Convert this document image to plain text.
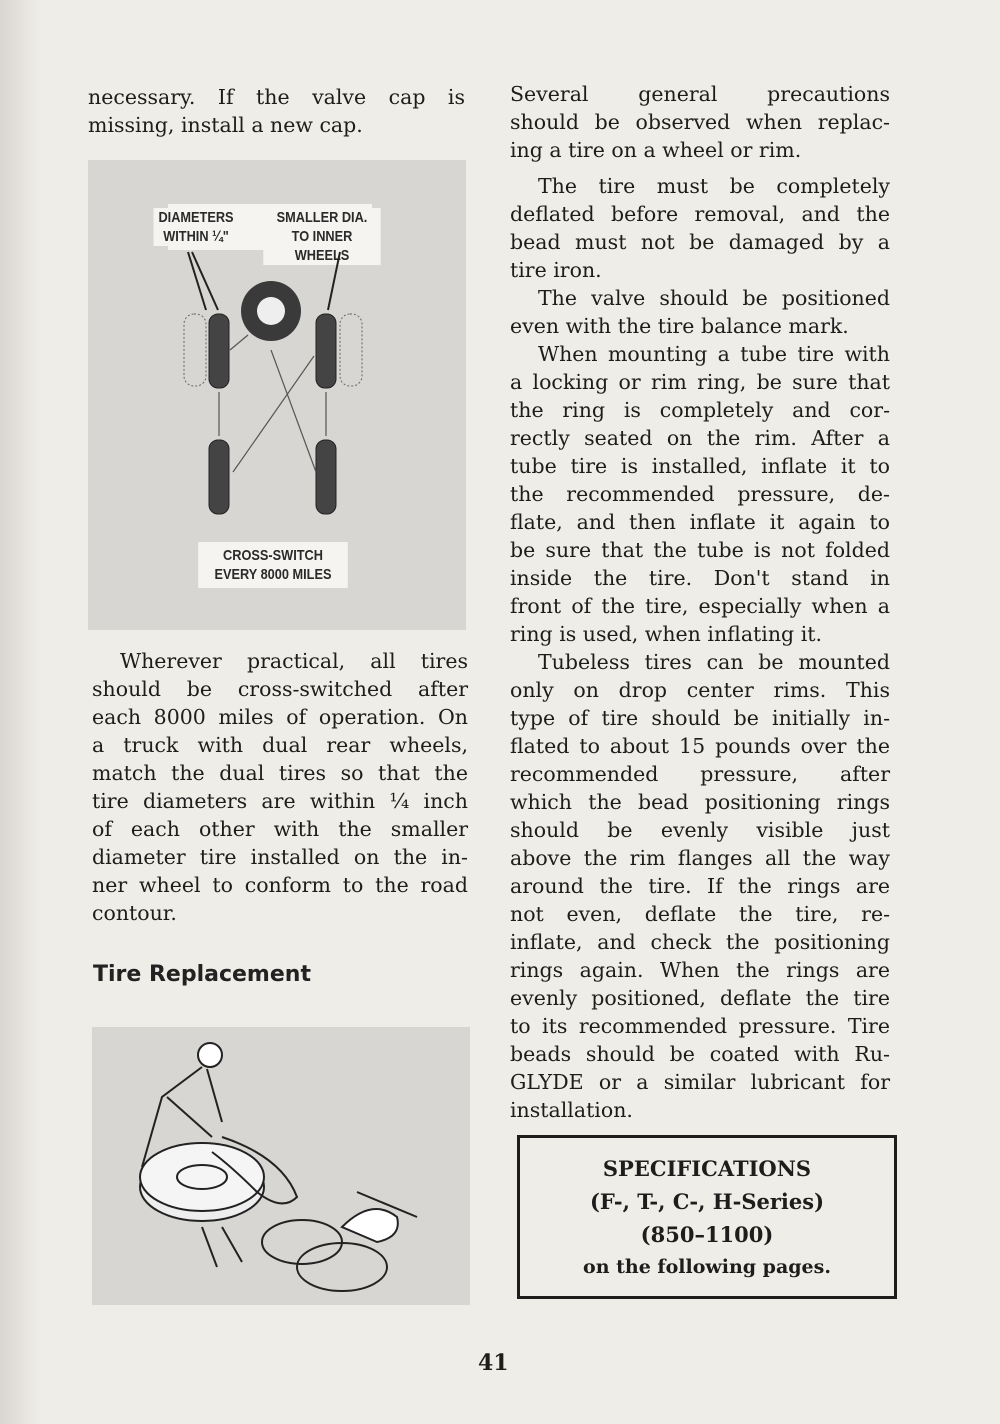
necessary. If the valve cap is
missing, install a new cap.
DIAMETERS
WITHIN ¼"
SMALLER DIA.
TO INNER WHEELS
CROSS-SWITCH
EVERY 8000 MILES
Wherever practical, all tires
should be cross-switched after
each 8000 miles of operation. On
a truck with dual rear wheels,
match the dual tires so that the
tire diameters are within ¼ inch
of each other with the smaller
diameter tire installed on the in-
ner wheel to conform to the road
contour.
Tire Replacement
Several general precautions
should be observed when replac-
ing a tire on a wheel or rim.
The tire must be completely
deflated before removal, and the
bead must not be damaged by a
tire iron.
The valve should be positioned
even with the tire balance mark.
When mounting a tube tire with
a locking or rim ring, be sure that
the ring is completely and cor-
rectly seated on the rim. After a
tube tire is installed, inflate it to
the recommended pressure, de-
flate, and then inflate it again to
be sure that the tube is not folded
inside the tire. Don't stand in
front of the tire, especially when a
ring is used, when inflating it.
Tubeless tires can be mounted
only on drop center rims. This
type of tire should be initially in-
flated to about 15 pounds over the
recommended pressure, after
which the bead positioning rings
should be evenly visible just
above the rim flanges all the way
around the tire. If the rings are
not even, deflate the tire, re-
inflate, and check the positioning
rings again. When the rings are
evenly positioned, deflate the tire
to its recommended pressure. Tire
beads should be coated with Ru-
GLYDE or a similar lubricant for
installation.
SPECIFICATIONS
(F-, T-, C-, H-Series)
(850–1100)
on the following pages.
41
